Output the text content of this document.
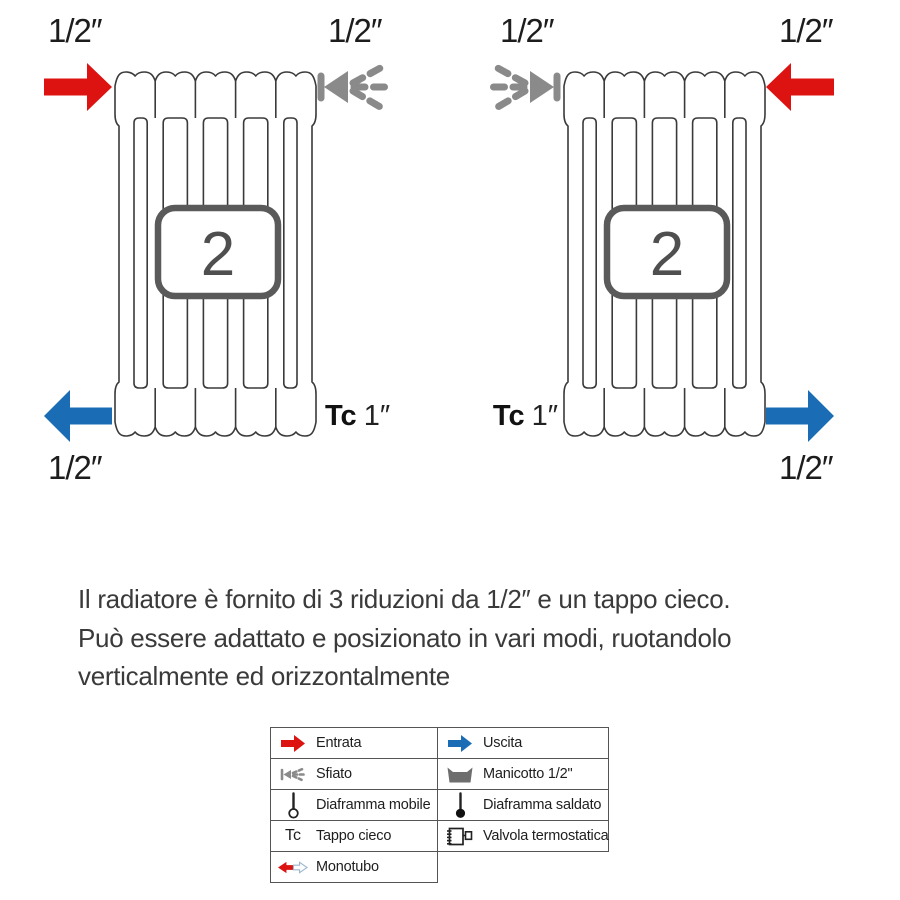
1/2″
2
1/2″
1/2″
Tc 1″
1/2″
2
1/2″
Tc 1″
1/2″
Il radiatore è fornito di 3 riduzioni da 1/2″ e un tappo cieco.
Può essere adattato e posizionato in vari modi, ruotandolo
verticalmente ed orizzontalmente
Entrata	Uscita

Sfiato	Manicotto 1/2"

Diaframma mobile	Diaframma saldato

Tc Tappo cieco	Valvola termostatica

Monotubo	
